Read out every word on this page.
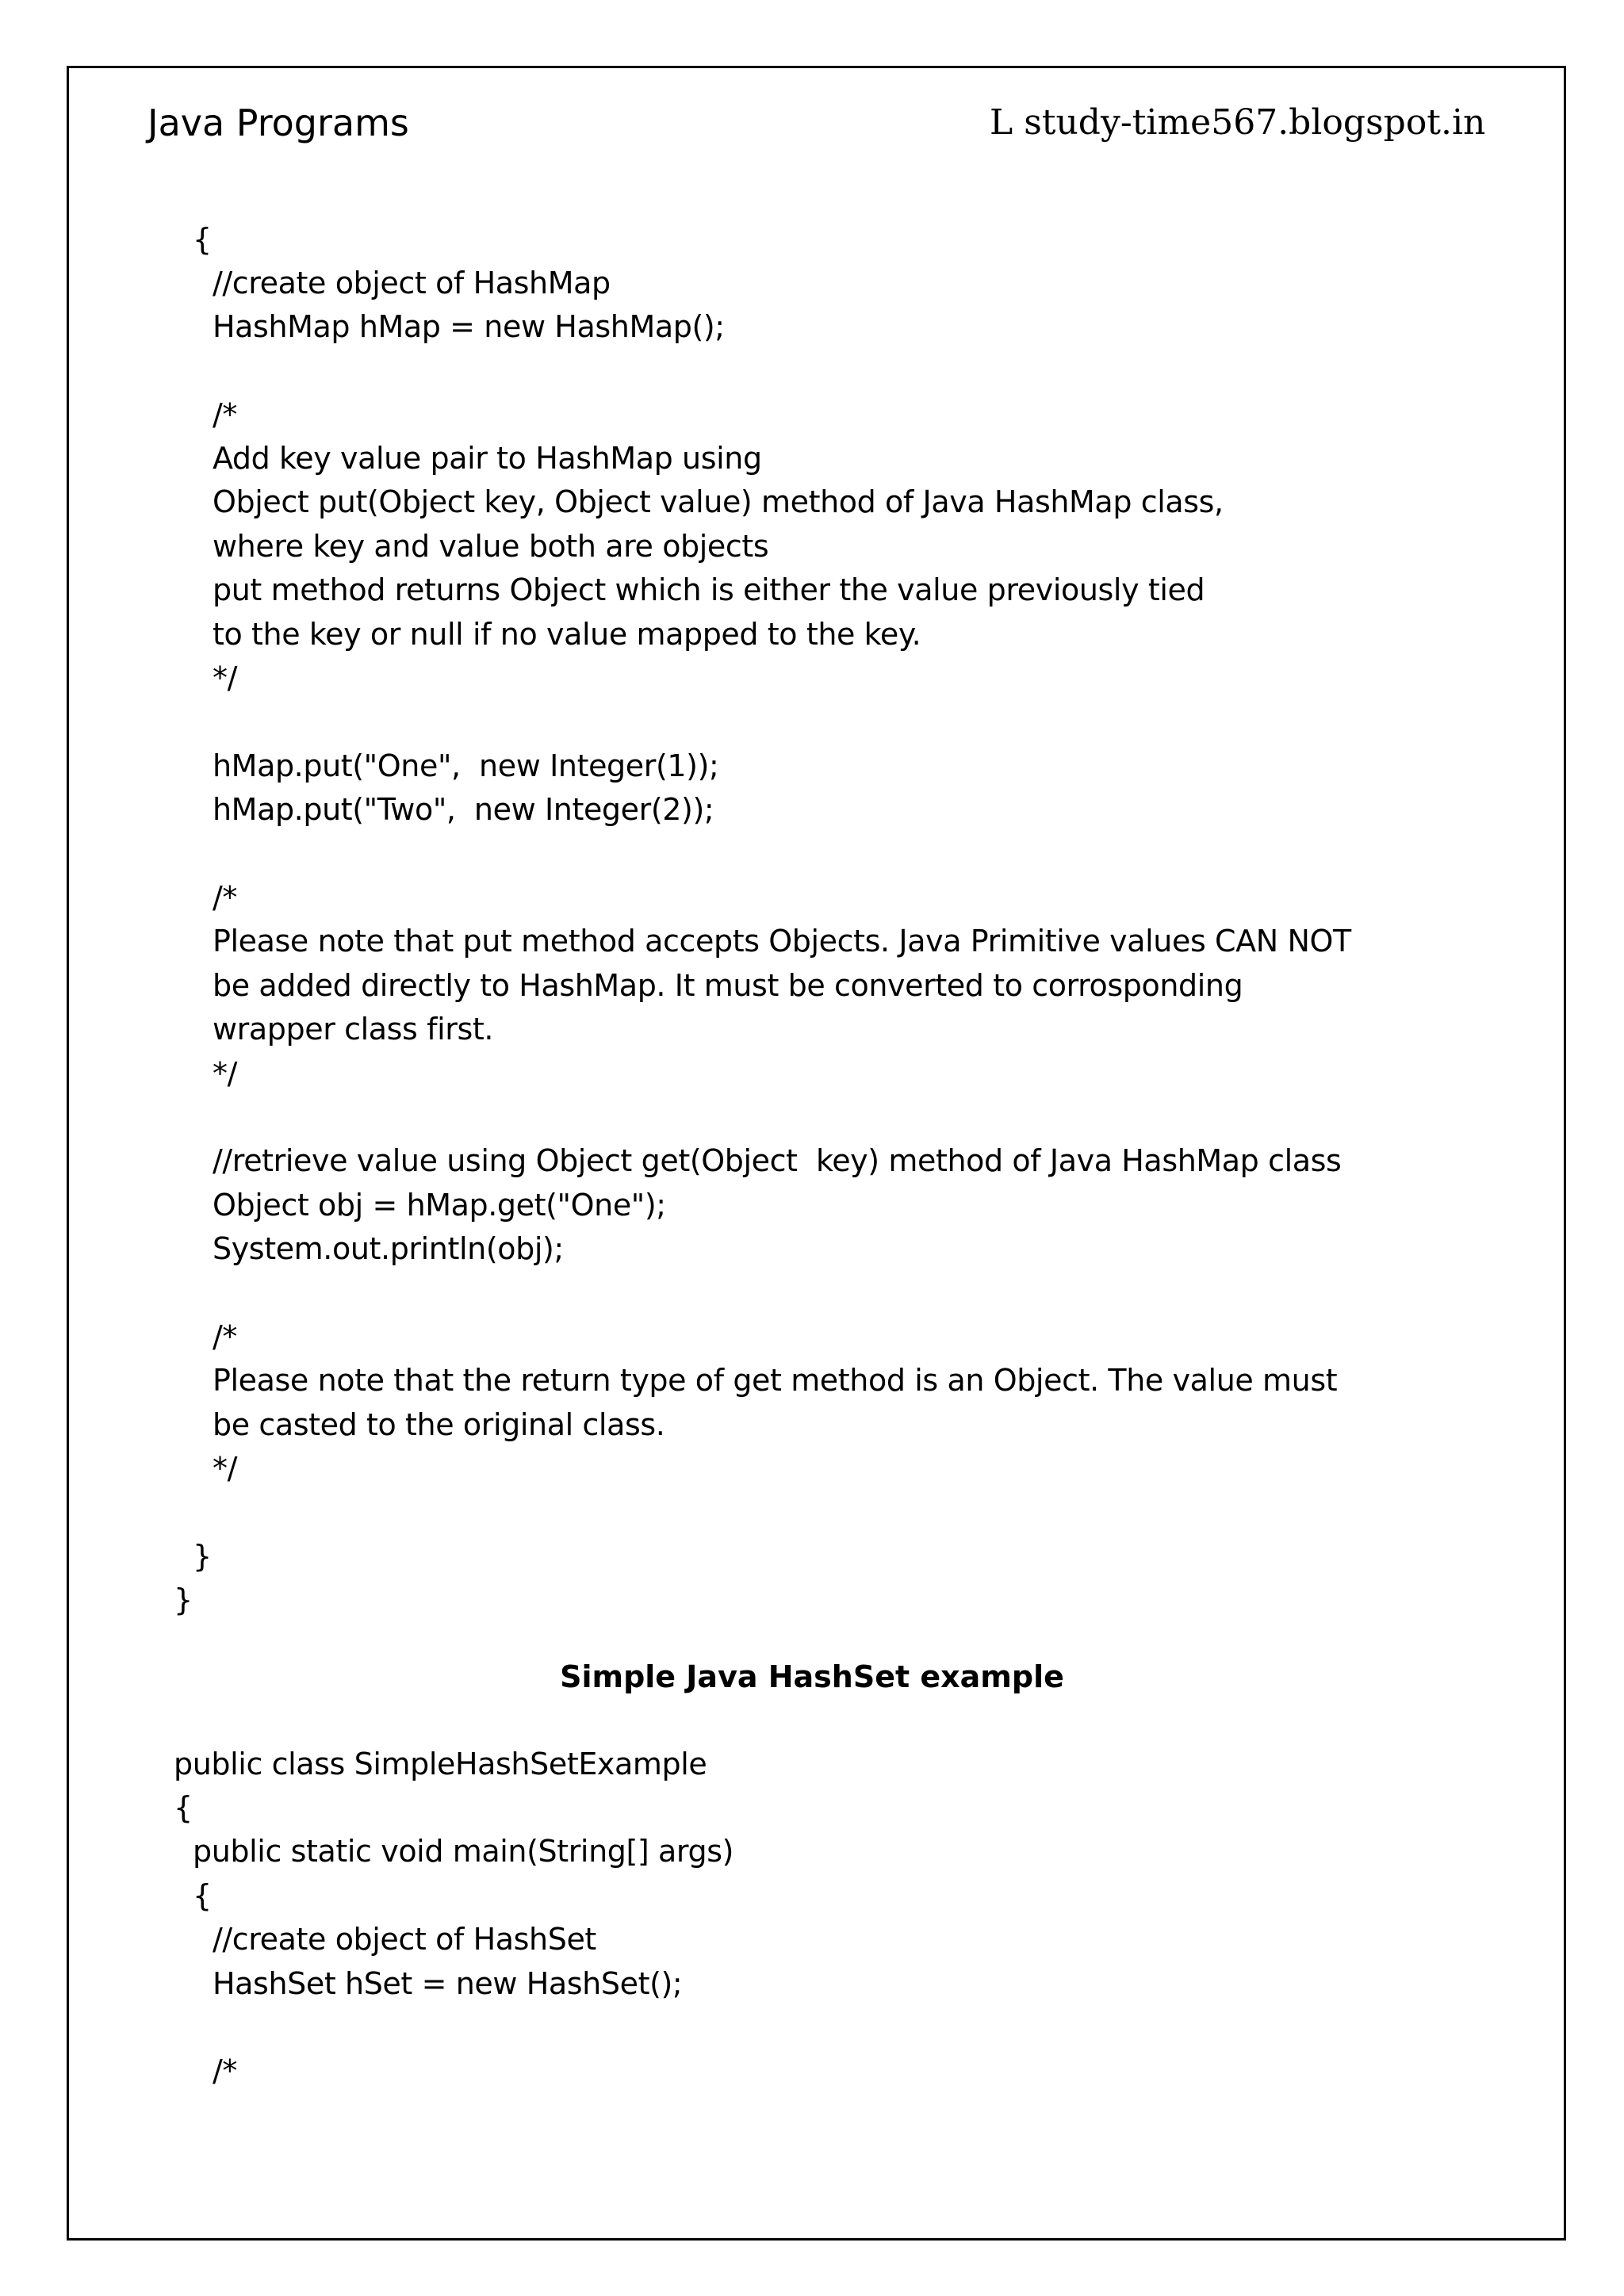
Java Programs	L study-time567.blogspot.in
{
//create object of HashMap
HashMap hMap = new HashMap();
/*
Add key value pair to HashMap using
Object put(Object key, Object value) method of Java HashMap class,
where key and value both are objects
put method returns Object which is either the value previously tied
to the key or null if no value mapped to the key.
*/
hMap.put("One",  new Integer(1));
hMap.put("Two",  new Integer(2));
/*
Please note that put method accepts Objects. Java Primitive values CAN NOT
be added directly to HashMap. It must be converted to corrosponding
wrapper class first.
*/
//retrieve value using Object get(Object  key) method of Java HashMap class
Object obj = hMap.get("One");
System.out.println(obj);
/*
Please note that the return type of get method is an Object. The value must
be casted to the original class.
*/
}
}
Simple Java HashSet example
public class SimpleHashSetExample
{
public static void main(String[] args)
{
//create object of HashSet
HashSet hSet = new HashSet();
/*
